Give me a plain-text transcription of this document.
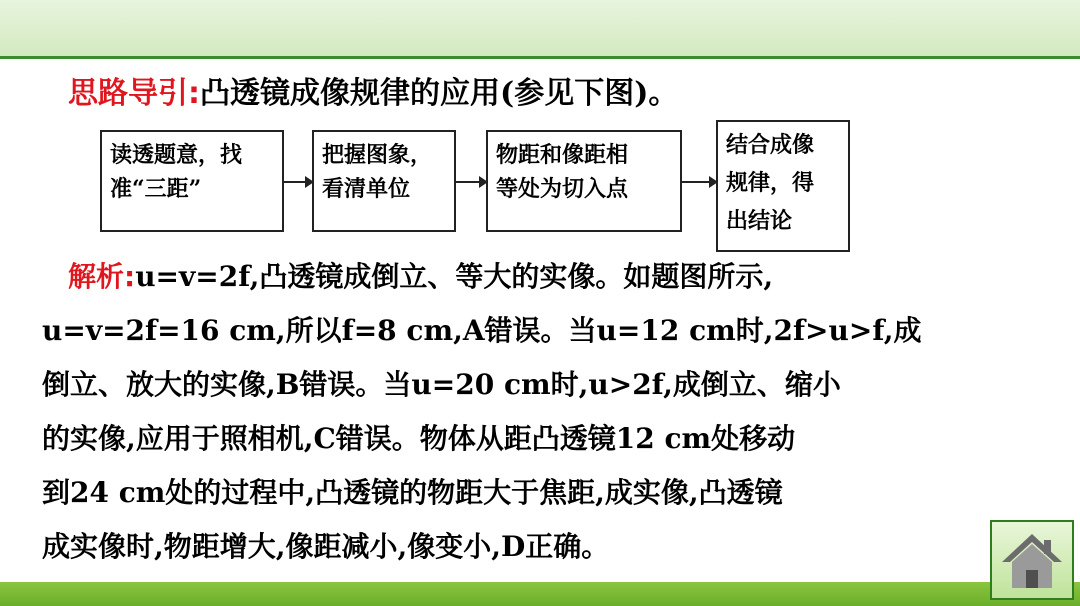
思路导引:凸透镜成像规律的应用(参见下图)。
读透题意，找
准“三距”
把握图象，
看清单位
物距和像距相
等处为切入点
结合成像
规律，得
出结论
解析:u=v=2f,凸透镜成倒立、等大的实像。如题图所示,
u=v=2f=16 cm,所以f=8 cm,A错误。当u=12 cm时,2f>u>f,成
倒立、放大的实像,B错误。当u=20 cm时,u>2f,成倒立、缩小
的实像,应用于照相机,C错误。物体从距凸透镜12 cm处移动
到24 cm处的过程中,凸透镜的物距大于焦距,成实像,凸透镜
成实像时,物距增大,像距减小,像变小,D正确。
